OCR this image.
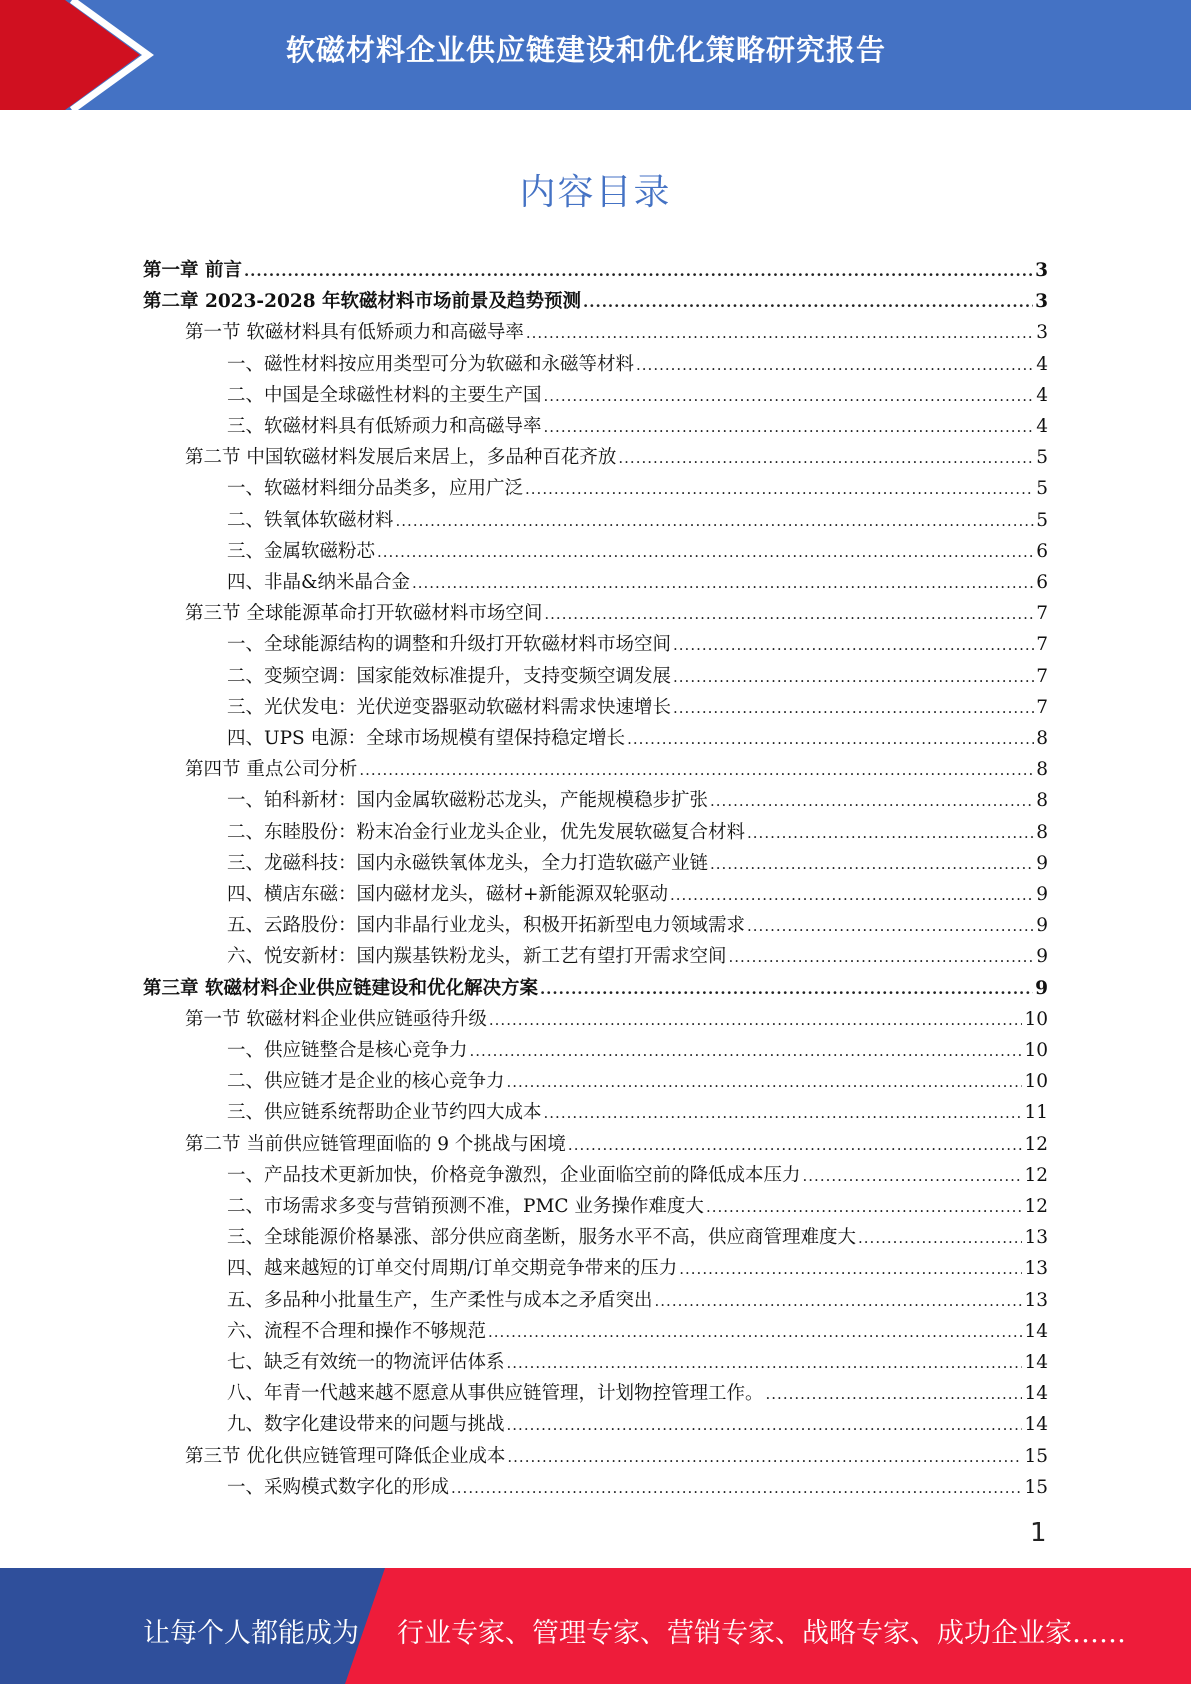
软磁材料企业供应链建设和优化策略研究报告
内容目录
第一章 前言 .....	3
第二章 2023-2028 年软磁材料市场前景及趋势预测 .....	3
第一节 软磁材料具有低矫顽力和高磁导率 .....	3
一、磁性材料按应用类型可分为软磁和永磁等材料 .....	4
二、中国是全球磁性材料的主要生产国 .....	4
三、软磁材料具有低矫顽力和高磁导率 .....	4
第二节 中国软磁材料发展后来居上，多品种百花齐放 .....	5
一、软磁材料细分品类多，应用广泛 .....	5
二、铁氧体软磁材料 .....	5
三、金属软磁粉芯 .....	6
四、非晶&纳米晶合金 .....	6
第三节 全球能源革命打开软磁材料市场空间 .....	7
一、全球能源结构的调整和升级打开软磁材料市场空间 .....	7
二、变频空调：国家能效标准提升，支持变频空调发展 .....	7
三、光伏发电：光伏逆变器驱动软磁材料需求快速增长 .....	7
四、UPS 电源：全球市场规模有望保持稳定增长 .....	8
第四节 重点公司分析 .....	8
一、铂科新材：国内金属软磁粉芯龙头，产能规模稳步扩张 .....	8
二、东睦股份：粉末冶金行业龙头企业，优先发展软磁复合材料 .....	8
三、龙磁科技：国内永磁铁氧体龙头，全力打造软磁产业链 .....	9
四、横店东磁：国内磁材龙头，磁材+新能源双轮驱动 .....	9
五、云路股份：国内非晶行业龙头，积极开拓新型电力领域需求 .....	9
六、悦安新材：国内羰基铁粉龙头，新工艺有望打开需求空间 .....	9
第三章 软磁材料企业供应链建设和优化解决方案 .....	9
第一节 软磁材料企业供应链亟待升级 .....	10
一、供应链整合是核心竞争力 .....	10
二、供应链才是企业的核心竞争力 .....	10
三、供应链系统帮助企业节约四大成本 .....	11
第二节 当前供应链管理面临的 9 个挑战与困境 .....	12
一、产品技术更新加快，价格竞争激烈，企业面临空前的降低成本压力 .....	12
二、市场需求多变与营销预测不准，PMC 业务操作难度大 .....	12
三、全球能源价格暴涨、部分供应商垄断，服务水平不高，供应商管理难度大 .....	13
四、越来越短的订单交付周期/订单交期竞争带来的压力 .....	13
五、多品种小批量生产，生产柔性与成本之矛盾突出 .....	13
六、流程不合理和操作不够规范 .....	14
七、缺乏有效统一的物流评估体系 .....	14
八、年青一代越来越不愿意从事供应链管理，计划物控管理工作。 .....	14
九、数字化建设带来的问题与挑战 .....	14
第三节 优化供应链管理可降低企业成本 .....	15
一、采购模式数字化的形成 .....	15
1
让每个人都能成为 行业专家、管理专家、营销专家、战略专家、成功企业家……
